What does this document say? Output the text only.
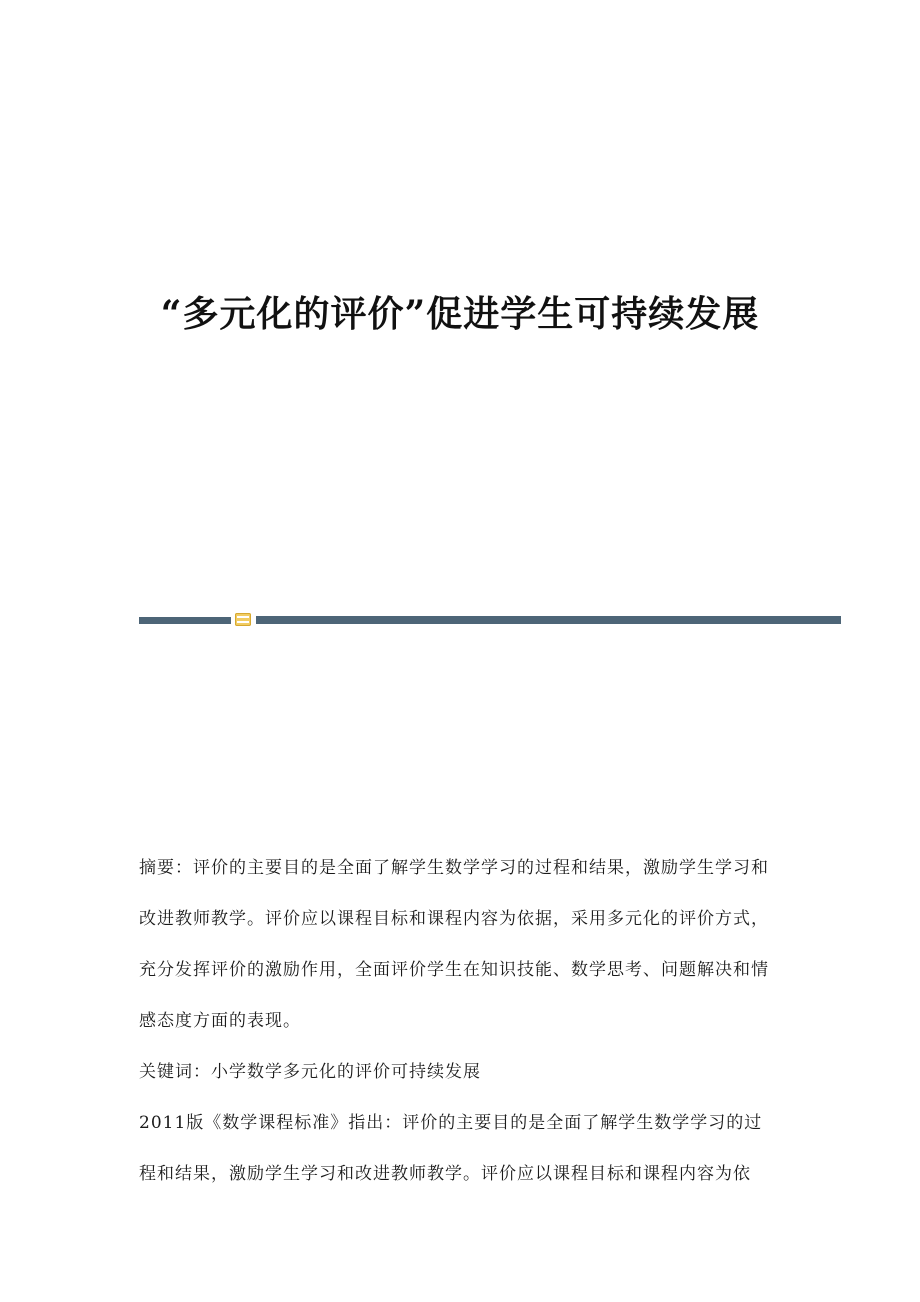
“多元化的评价”促进学生可持续发展

摘要：评价的主要目的是全面了解学生数学学习的过程和结果，激励学生学习和改进教师教学。评价应以课程目标和课程内容为依据，采用多元化的评价方式，充分发挥评价的激励作用，全面评价学生在知识技能、数学思考、问题解决和情感态度方面的表现。

关键词：小学数学多元化的评价可持续发展

2011版《数学课程标准》指出：评价的主要目的是全面了解学生数学学习的过程和结果，激励学生学习和改进教师教学。评价应以课程目标和课程内容为依
